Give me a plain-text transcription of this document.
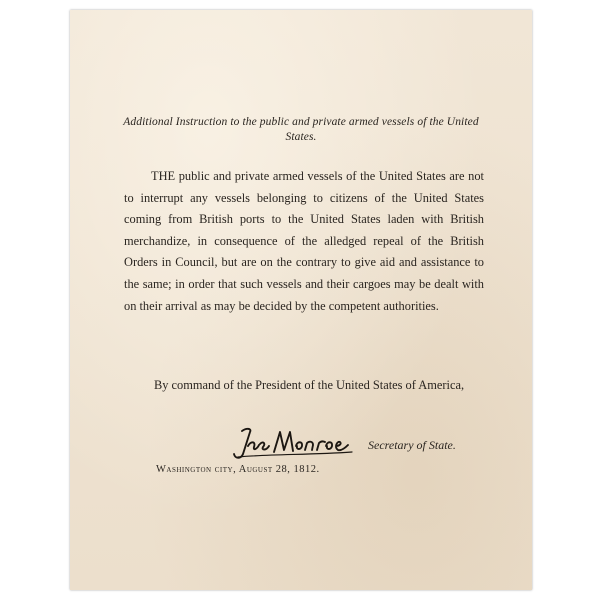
Additional Instruction to the public and private armed vessels of the United States.

THE public and private armed vessels of the United States are not to interrupt any vessels belonging to citizens of the United States coming from British ports to the United States laden with British merchandize, in consequence of the alledged repeal of the British Orders in Council, but are on the contrary to give aid and assistance to the same; in order that such vessels and their cargoes may be dealt with on their arrival as may be decided by the competent authorities.

By command of the President of the United States of America,
Secretary of State.
Washington city, August 28, 1812.
